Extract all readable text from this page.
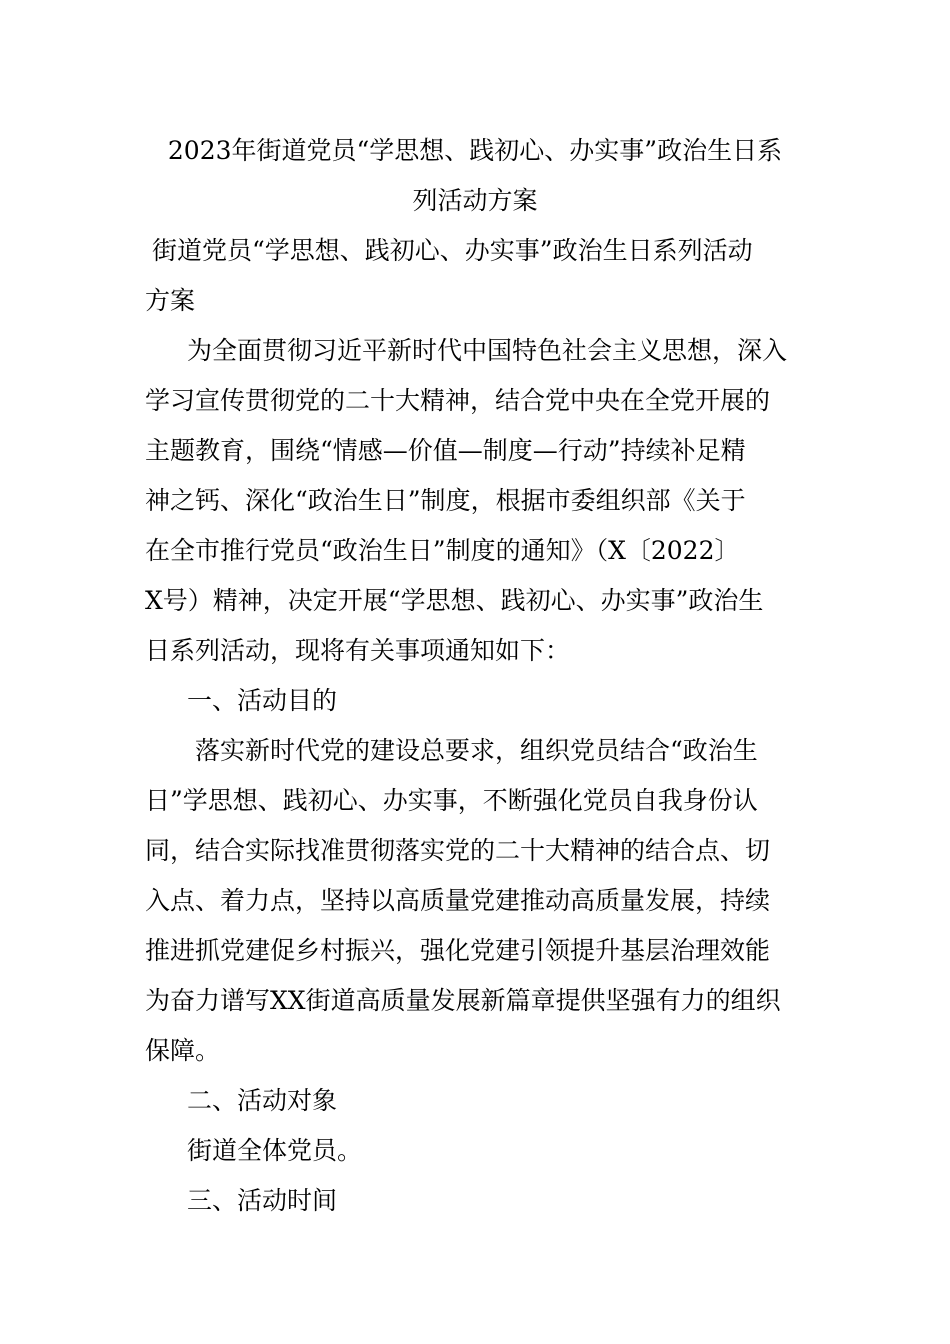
2023年街道党员“学思想、践初心、办实事”政治生日系
列活动方案
街道党员“学思想、践初心、办实事”政治生日系列活动
方案
为全面贯彻习近平新时代中国特色社会主义思想，深入
学习宣传贯彻党的二十大精神，结合党中央在全党开展的
主题教育，围绕“情感—价值—制度—行动”持续补足精
神之钙、深化“政治生日”制度，根据市委组织部《关于
在全市推行党员“政治生日”制度的通知》（X〔2022〕
X号）精神，决定开展“学思想、践初心、办实事”政治生
日系列活动，现将有关事项通知如下：
一、活动目的
落实新时代党的建设总要求，组织党员结合“政治生
日”学思想、践初心、办实事，不断强化党员自我身份认
同，结合实际找准贯彻落实党的二十大精神的结合点、切
入点、着力点，坚持以高质量党建推动高质量发展，持续
推进抓党建促乡村振兴，强化党建引领提升基层治理效能
为奋力谱写XX街道高质量发展新篇章提供坚强有力的组织
保障。
二、活动对象
街道全体党员。
三、活动时间
